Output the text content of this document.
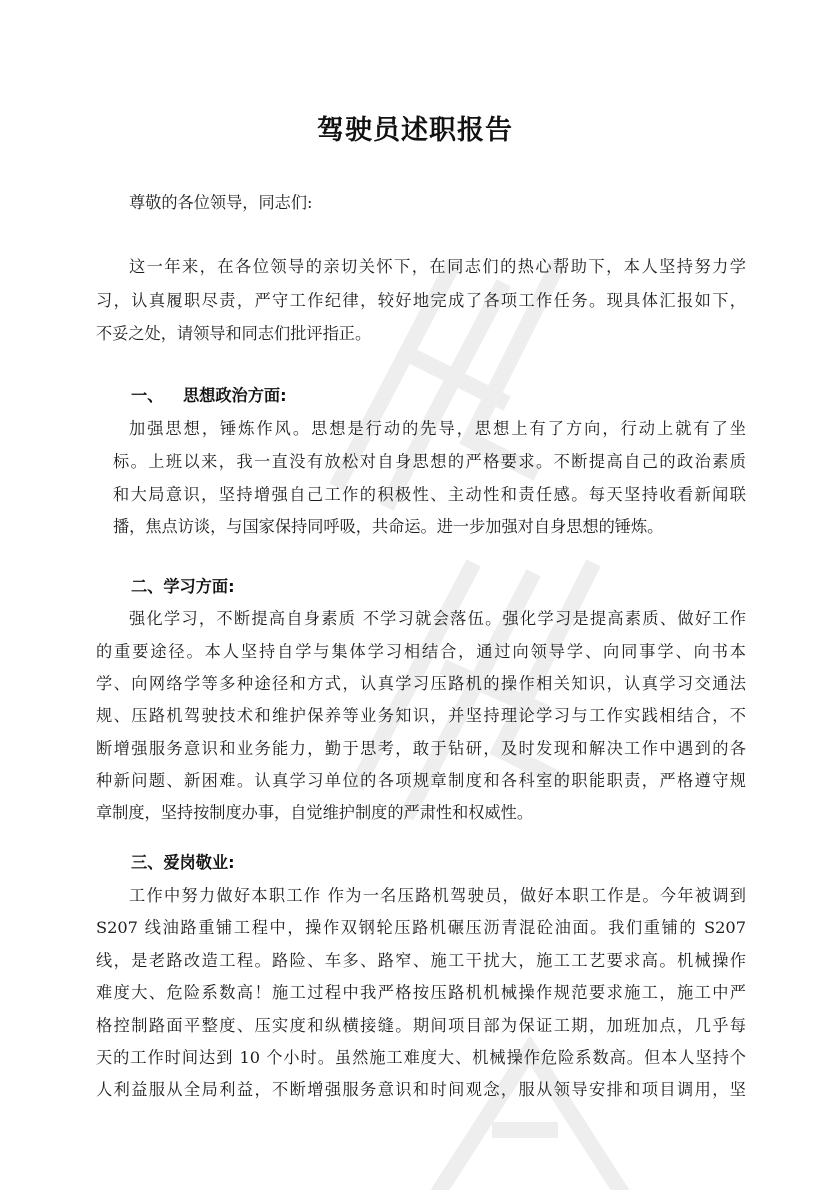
驾驶员述职报告
尊敬的各位领导，同志们:
这一年来，在各位领导的亲切关怀下，在同志们的热心帮助下，本人坚持努力学
习，认真履职尽责，严守工作纪律，较好地完成了各项工作任务。现具体汇报如下，
不妥之处，请领导和同志们批评指正。
一、 思想政治方面:
加强思想，锤炼作风。思想是行动的先导，思想上有了方向，行动上就有了坐
标。上班以来，我一直没有放松对自身思想的严格要求。不断提高自己的政治素质
和大局意识，坚持增强自己工作的积极性、主动性和责任感。每天坚持收看新闻联
播，焦点访谈，与国家保持同呼吸，共命运。进一步加强对自身思想的锤炼。
二、学习方面:
强化学习，不断提高自身素质 不学习就会落伍。强化学习是提高素质、做好工作
的重要途径。本人坚持自学与集体学习相结合，通过向领导学、向同事学、向书本
学、向网络学等多种途径和方式，认真学习压路机的操作相关知识，认真学习交通法
规、压路机驾驶技术和维护保养等业务知识，并坚持理论学习与工作实践相结合，不
断增强服务意识和业务能力，勤于思考，敢于钻研，及时发现和解决工作中遇到的各
种新问题、新困难。认真学习单位的各项规章制度和各科室的职能职责，严格遵守规
章制度，坚持按制度办事，自觉维护制度的严肃性和权威性。
三、爱岗敬业:
工作中努力做好本职工作 作为一名压路机驾驶员，做好本职工作是。今年被调到
S207 线油路重铺工程中，操作双钢轮压路机碾压沥青混砼油面。我们重铺的 S207
线，是老路改造工程。路险、车多、路窄、施工干扰大，施工工艺要求高。机械操作
难度大、危险系数高！施工过程中我严格按压路机机械操作规范要求施工，施工中严
格控制路面平整度、压实度和纵横接缝。期间项目部为保证工期，加班加点，几乎每
天的工作时间达到 10 个小时。虽然施工难度大、机械操作危险系数高。但本人坚持个
人利益服从全局利益，不断增强服务意识和时间观念，服从领导安排和项目调用，坚
